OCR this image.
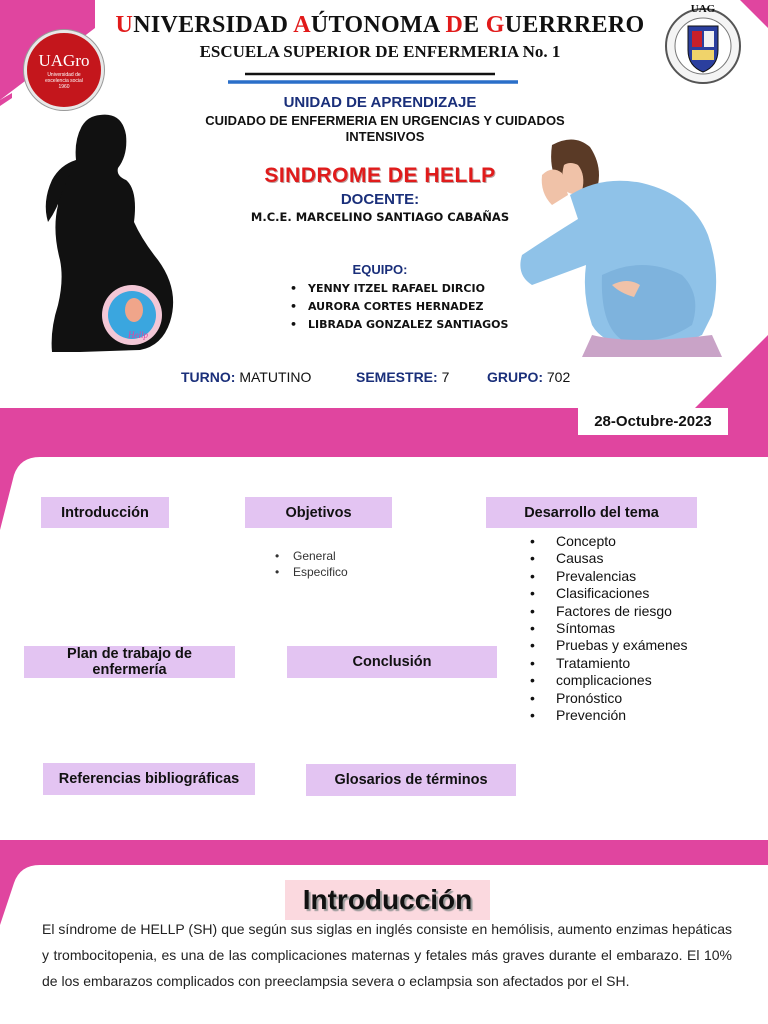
UAGro
Universidad de
excelencia social
1960
UAG
UNIVERSIDAD AÚTONOMA DE GUERRRERO
ESCUELA SUPERIOR DE ENFERMERIA No. 1
Hellp
UNIDAD DE APRENDIZAJE
CUIDADO DE ENFERMERIA EN URGENCIAS Y CUIDADOS INTENSIVOS
SINDROME DE HELLP
DOCENTE:
M.C.E. MARCELINO SANTIAGO CABAÑAS
EQUIPO:
• YENNY ITZEL RAFAEL DIRCIO
• AURORA CORTES HERNADEZ
• LIBRADA GONZALEZ SANTIAGOS
TURNO: MATUTINO	SEMESTRE: 7	GRUPO: 702
28-Octubre-2023
Introducción	Objetivos	Desarrollo del tema
• General
• Especifico
• Concepto
• Causas
• Prevalencias
• Clasificaciones
• Factores de riesgo
• Síntomas
• Pruebas y exámenes
• Tratamiento
• complicaciones
• Pronóstico
• Prevención
Plan de trabajo de enfermería	Conclusión
Referencias bibliográficas	Glosarios de términos
Introducción
El síndrome de HELLP (SH) que según sus siglas en inglés consiste en hemólisis, aumento enzimas hepáticas y trombocitopenia, es una de las complicaciones maternas y fetales más graves durante el embarazo. El 10% de los embarazos complicados con preeclampsia severa o eclampsia son afectados por el SH.
